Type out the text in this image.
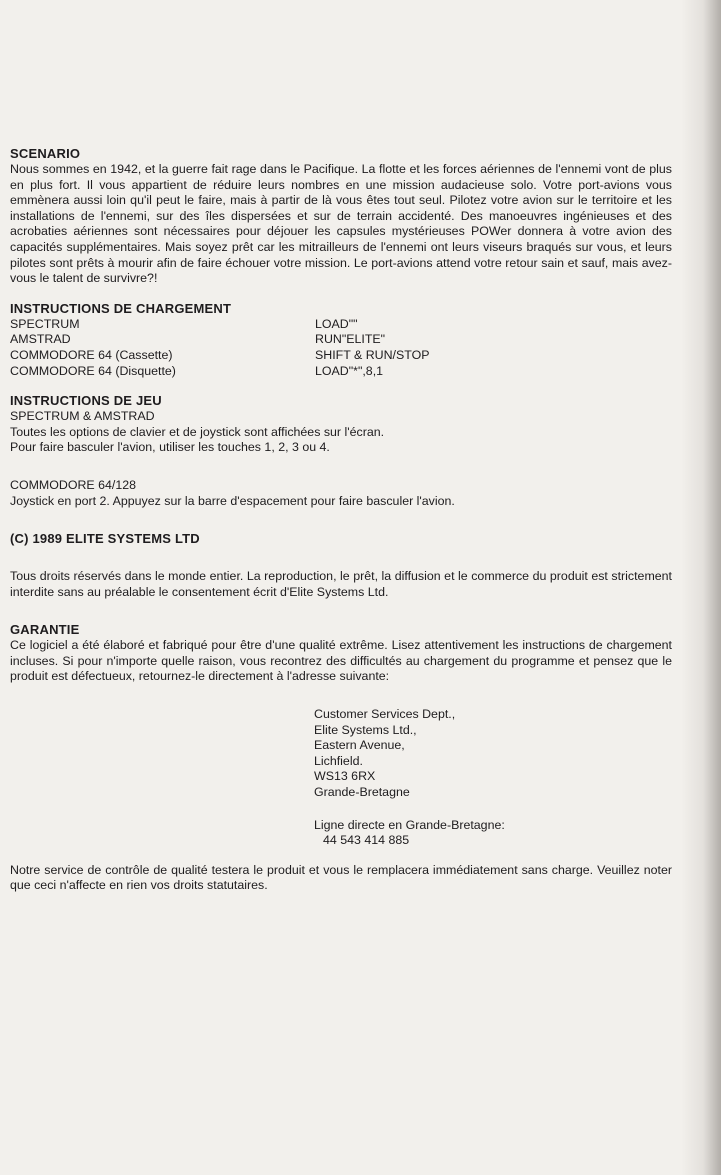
SCENARIO

Nous sommes en 1942, et la guerre fait rage dans le Pacifique. La flotte et les forces aériennes de l'ennemi vont de plus en plus fort. Il vous appartient de réduire leurs nombres en une mission audacieuse solo. Votre port-avions vous emmènera aussi loin qu'il peut le faire, mais à partir de là vous êtes tout seul. Pilotez votre avion sur le territoire et les installations de l'ennemi, sur des îles dispersées et sur de terrain accidenté. Des manoeuvres ingénieuses et des acrobaties aériennes sont nécessaires pour déjouer les capsules mystérieuses POWer donnera à votre avion des capacités supplémentaires. Mais soyez prêt car les mitrailleurs de l'ennemi ont leurs viseurs braqués sur vous, et leurs pilotes sont prêts à mourir afin de faire échouer votre mission. Le port-avions attend votre retour sain et sauf, mais avez-vous le talent de survivre?!

INSTRUCTIONS DE CHARGEMENT
SPECTRUM	LOAD""
AMSTRAD	RUN"ELITE"
COMMODORE 64 (Cassette)	SHIFT & RUN/STOP
COMMODORE 64 (Disquette)	LOAD"*",8,1
INSTRUCTIONS DE JEU

SPECTRUM & AMSTRAD

Toutes les options de clavier et de joystick sont affichées sur l'écran.

Pour faire basculer l'avion, utiliser les touches 1, 2, 3 ou 4.

COMMODORE 64/128

Joystick en port 2. Appuyez sur la barre d'espacement pour faire basculer l'avion.

(C) 1989 ELITE SYSTEMS LTD

Tous droits réservés dans le monde entier. La reproduction, le prêt, la diffusion et le commerce du produit est strictement interdite sans au préalable le consentement écrit d'Elite Systems Ltd.

GARANTIE

Ce logiciel a été élaboré et fabriqué pour être d'une qualité extrême. Lisez attentivement les instructions de chargement incluses. Si pour n'importe quelle raison, vous recontrez des difficultés au chargement du programme et pensez que le produit est défectueux, retournez-le directement à l'adresse suivante:

Customer Services Dept.,
Elite Systems Ltd.,
Eastern Avenue,
Lichfield.
WS13 6RX
Grande-Bretagne
Ligne directe en Grande-Bretagne:
44 543 414 885

Notre service de contrôle de qualité testera le produit et vous le remplacera immédiatement sans charge. Veuillez noter que ceci n'affecte en rien vos droits statutaires.
